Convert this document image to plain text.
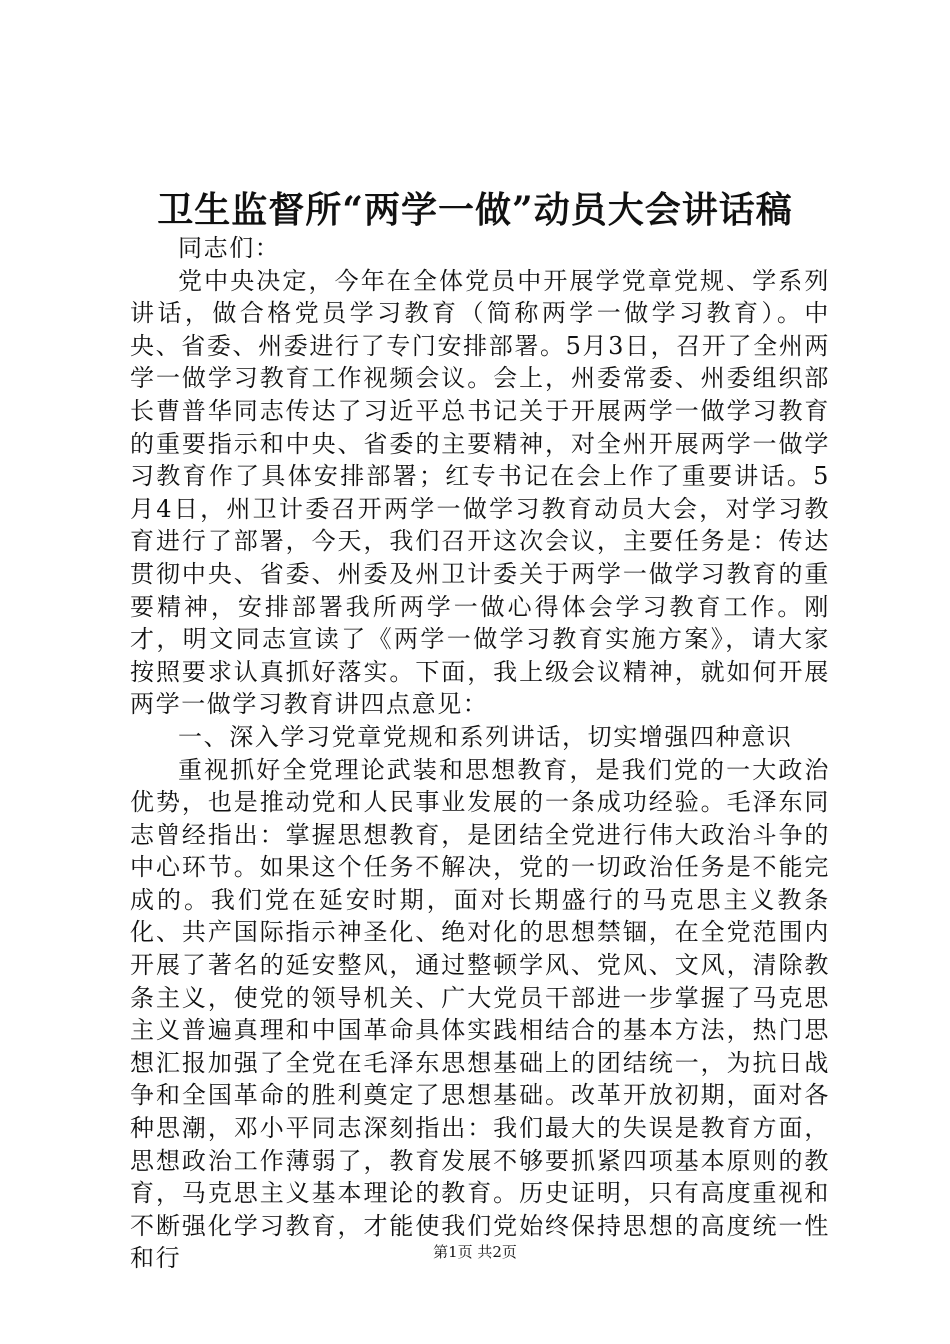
卫生监督所“两学一做”动员大会讲话稿

同志们：

党中央决定，今年在全体党员中开展学党章党规、学系列讲话，做合格党员学习教育（简称两学一做学习教育）。中央、省委、州委进行了专门安排部署。5月3日，召开了全州两学一做学习教育工作视频会议。会上，州委常委、州委组织部长曹普华同志传达了习近平总书记关于开展两学一做学习教育的重要指示和中央、省委的主要精神，对全州开展两学一做学习教育作了具体安排部署；红专书记在会上作了重要讲话。5月4日，州卫计委召开两学一做学习教育动员大会，对学习教育进行了部署，今天，我们召开这次会议，主要任务是：传达贯彻中央、省委、州委及州卫计委关于两学一做学习教育的重要精神，安排部署我所两学一做心得体会学习教育工作。刚才，明文同志宣读了《两学一做学习教育实施方案》，请大家按照要求认真抓好落实。下面，我上级会议精神，就如何开展两学一做学习教育讲四点意见：

一、深入学习党章党规和系列讲话，切实增强四种意识

重视抓好全党理论武装和思想教育，是我们党的一大政治优势，也是推动党和人民事业发展的一条成功经验。毛泽东同志曾经指出：掌握思想教育，是团结全党进行伟大政治斗争的中心环节。如果这个任务不解决，党的一切政治任务是不能完成的。我们党在延安时期，面对长期盛行的马克思主义教条化、共产国际指示神圣化、绝对化的思想禁锢，在全党范围内开展了著名的延安整风，通过整顿学风、党风、文风，清除教条主义，使党的领导机关、广大党员干部进一步掌握了马克思主义普遍真理和中国革命具体实践相结合的基本方法，热门思想汇报加强了全党在毛泽东思想基础上的团结统一，为抗日战争和全国革命的胜利奠定了思想基础。改革开放初期，面对各种思潮，邓小平同志深刻指出：我们最大的失误是教育方面，思想政治工作薄弱了，教育发展不够要抓紧四项基本原则的教育，马克思主义基本理论的教育。历史证明，只有高度重视和不断强化学习教育，才能使我们党始终保持思想的高度统一性和行	第1页 共2页
